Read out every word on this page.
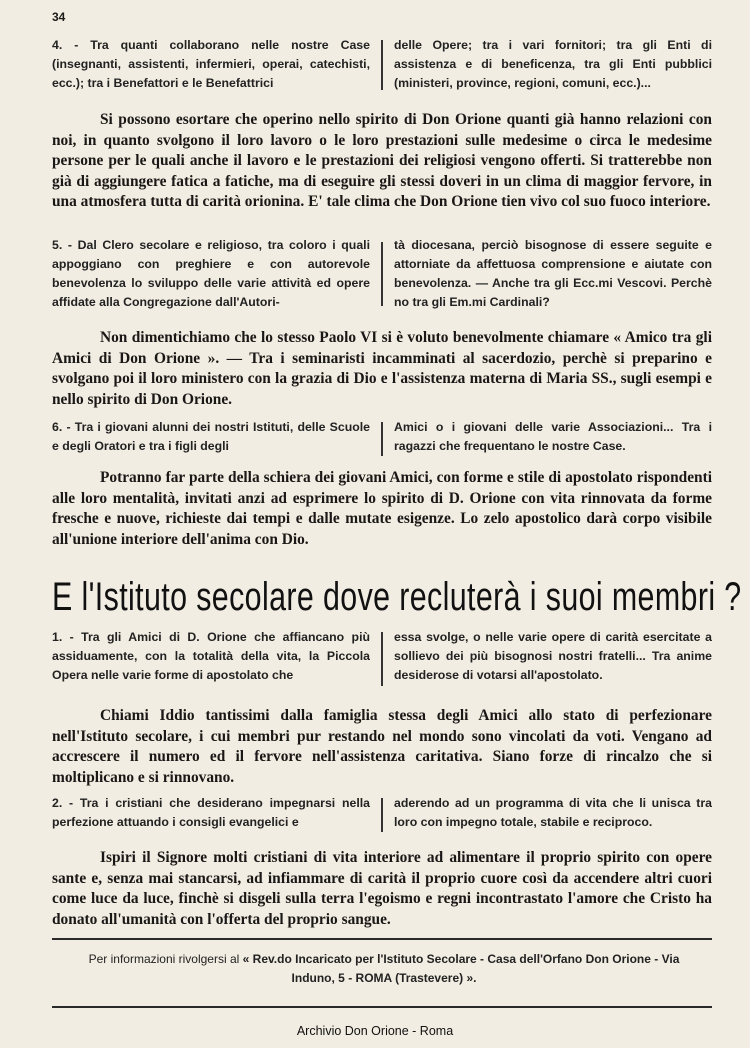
34
4. - Tra quanti collaborano nelle nostre Case (insegnanti, assistenti, infermieri, operai, catechisti, ecc.); tra i Benefattori e le Benefattrici
delle Opere; tra i vari fornitori; tra gli Enti di assistenza e di beneficenza, tra gli Enti pubblici (ministeri, province, regioni, comuni, ecc.)...
Si possono esortare che operino nello spirito di Don Orione quanti già hanno relazioni con noi, in quanto svolgono il loro lavoro o le loro prestazioni sulle medesime o circa le medesime persone per le quali anche il lavoro e le prestazioni dei religiosi vengono offerti. Si tratterebbe non già di aggiungere fatica a fatiche, ma di eseguire gli stessi doveri in un clima di maggior fervore, in una atmosfera tutta di carità orionina. E' tale clima che Don Orione tien vivo col suo fuoco interiore.
5. - Dal Clero secolare e religioso, tra coloro i quali appoggiano con preghiere e con autorevole benevolenza lo sviluppo delle varie attività ed opere affidate alla Congregazione dall'Autori-
tà diocesana, perciò bisognose di essere seguite e attorniate da affettuosa comprensione e aiutate con benevolenza. — Anche tra gli Ecc.mi Vescovi. Perchè no tra gli Em.mi Cardinali?
Non dimentichiamo che lo stesso Paolo VI si è voluto benevolmente chiamare « Amico tra gli Amici di Don Orione ». — Tra i seminaristi incamminati al sacerdozio, perchè si preparino e svolgano poi il loro ministero con la grazia di Dio e l'assistenza materna di Maria SS., sugli esempi e nello spirito di Don Orione.
6. - Tra i giovani alunni dei nostri Istituti, delle Scuole e degli Oratori e tra i figli degli
Amici o i giovani delle varie Associazioni... Tra i ragazzi che frequentano le nostre Case.
Potranno far parte della schiera dei giovani Amici, con forme e stile di apostolato rispondenti alle loro mentalità, invitati anzi ad esprimere lo spirito di D. Orione con vita rinnovata da forme fresche e nuove, richieste dai tempi e dalle mutate esigenze. Lo zelo apostolico darà corpo visibile all'unione interiore dell'anima con Dio.
E l'Istituto secolare dove recluterà i suoi membri ?
1. - Tra gli Amici di D. Orione che affiancano più assiduamente, con la totalità della vita, la Piccola Opera nelle varie forme di apostolato che
essa svolge, o nelle varie opere di carità esercitate a sollievo dei più bisognosi nostri fratelli... Tra anime desiderose di votarsi all'apostolato.
Chiami Iddio tantissimi dalla famiglia stessa degli Amici allo stato di perfezionare nell'Istituto secolare, i cui membri pur restando nel mondo sono vincolati da voti. Vengano ad accrescere il numero ed il fervore nell'assistenza caritativa. Siano forze di rincalzo che si moltiplicano e si rinnovano.
2. - Tra i cristiani che desiderano impegnarsi nella perfezione attuando i consigli evangelici e
aderendo ad un programma di vita che li unisca tra loro con impegno totale, stabile e reciproco.
Ispiri il Signore molti cristiani di vita interiore ad alimentare il proprio spirito con opere sante e, senza mai stancarsi, ad infiammare di carità il proprio cuore così da accendere altri cuori come luce da luce, finchè si disgeli sulla terra l'egoismo e regni incontrastato l'amore che Cristo ha donato all'umanità con l'offerta del proprio sangue.
Per informazioni rivolgersi al « Rev.do Incaricato per l'Istituto Secolare - Casa dell'Orfano Don Orione - Via Induno, 5 - ROMA (Trastevere) ».
Archivio Don Orione - Roma
